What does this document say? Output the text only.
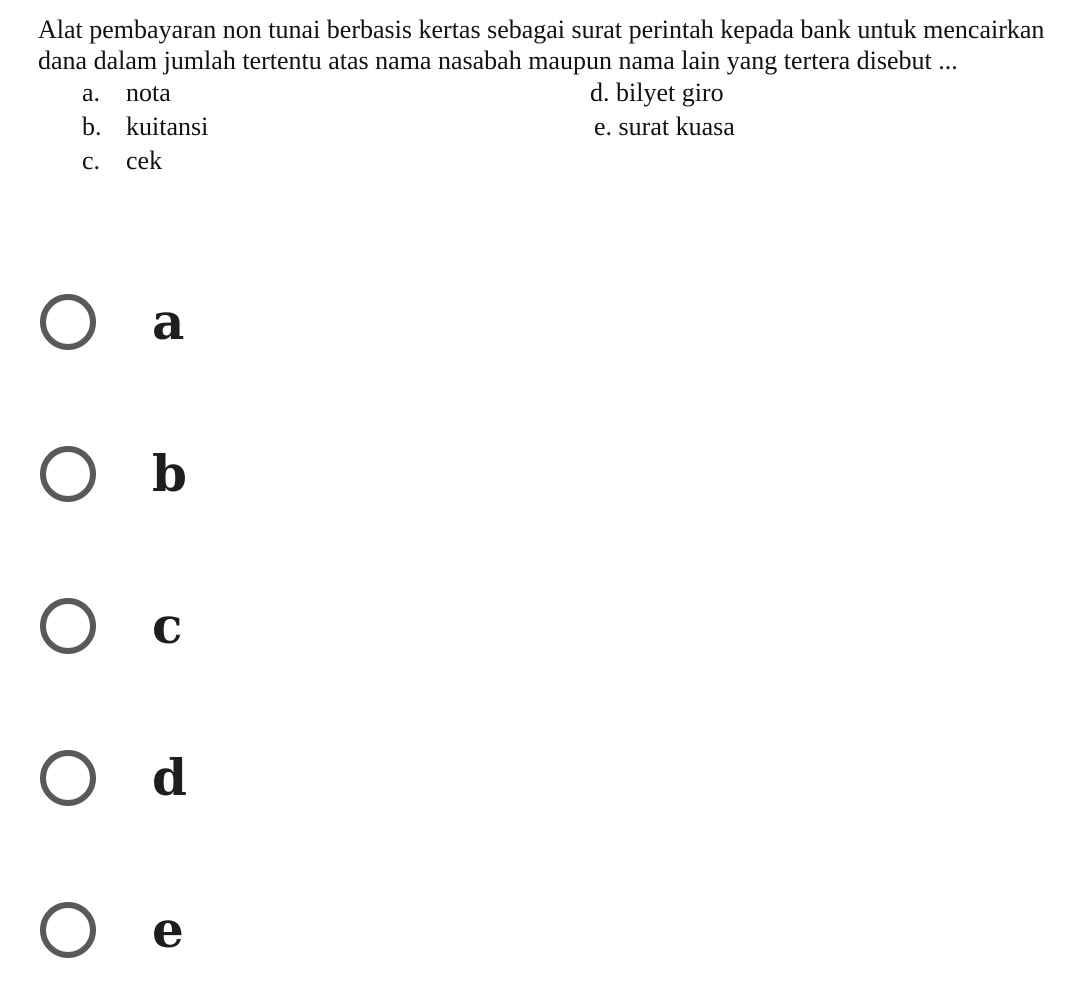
Alat pembayaran non tunai berbasis kertas sebagai surat perintah kepada bank untuk mencairkan dana dalam jumlah tertentu atas nama nasabah maupun nama lain yang tertera disebut ...

a. nota
b. kuitansi
c. cek
d. bilyet giro
e. surat kuasa
a
b
c
d
e
